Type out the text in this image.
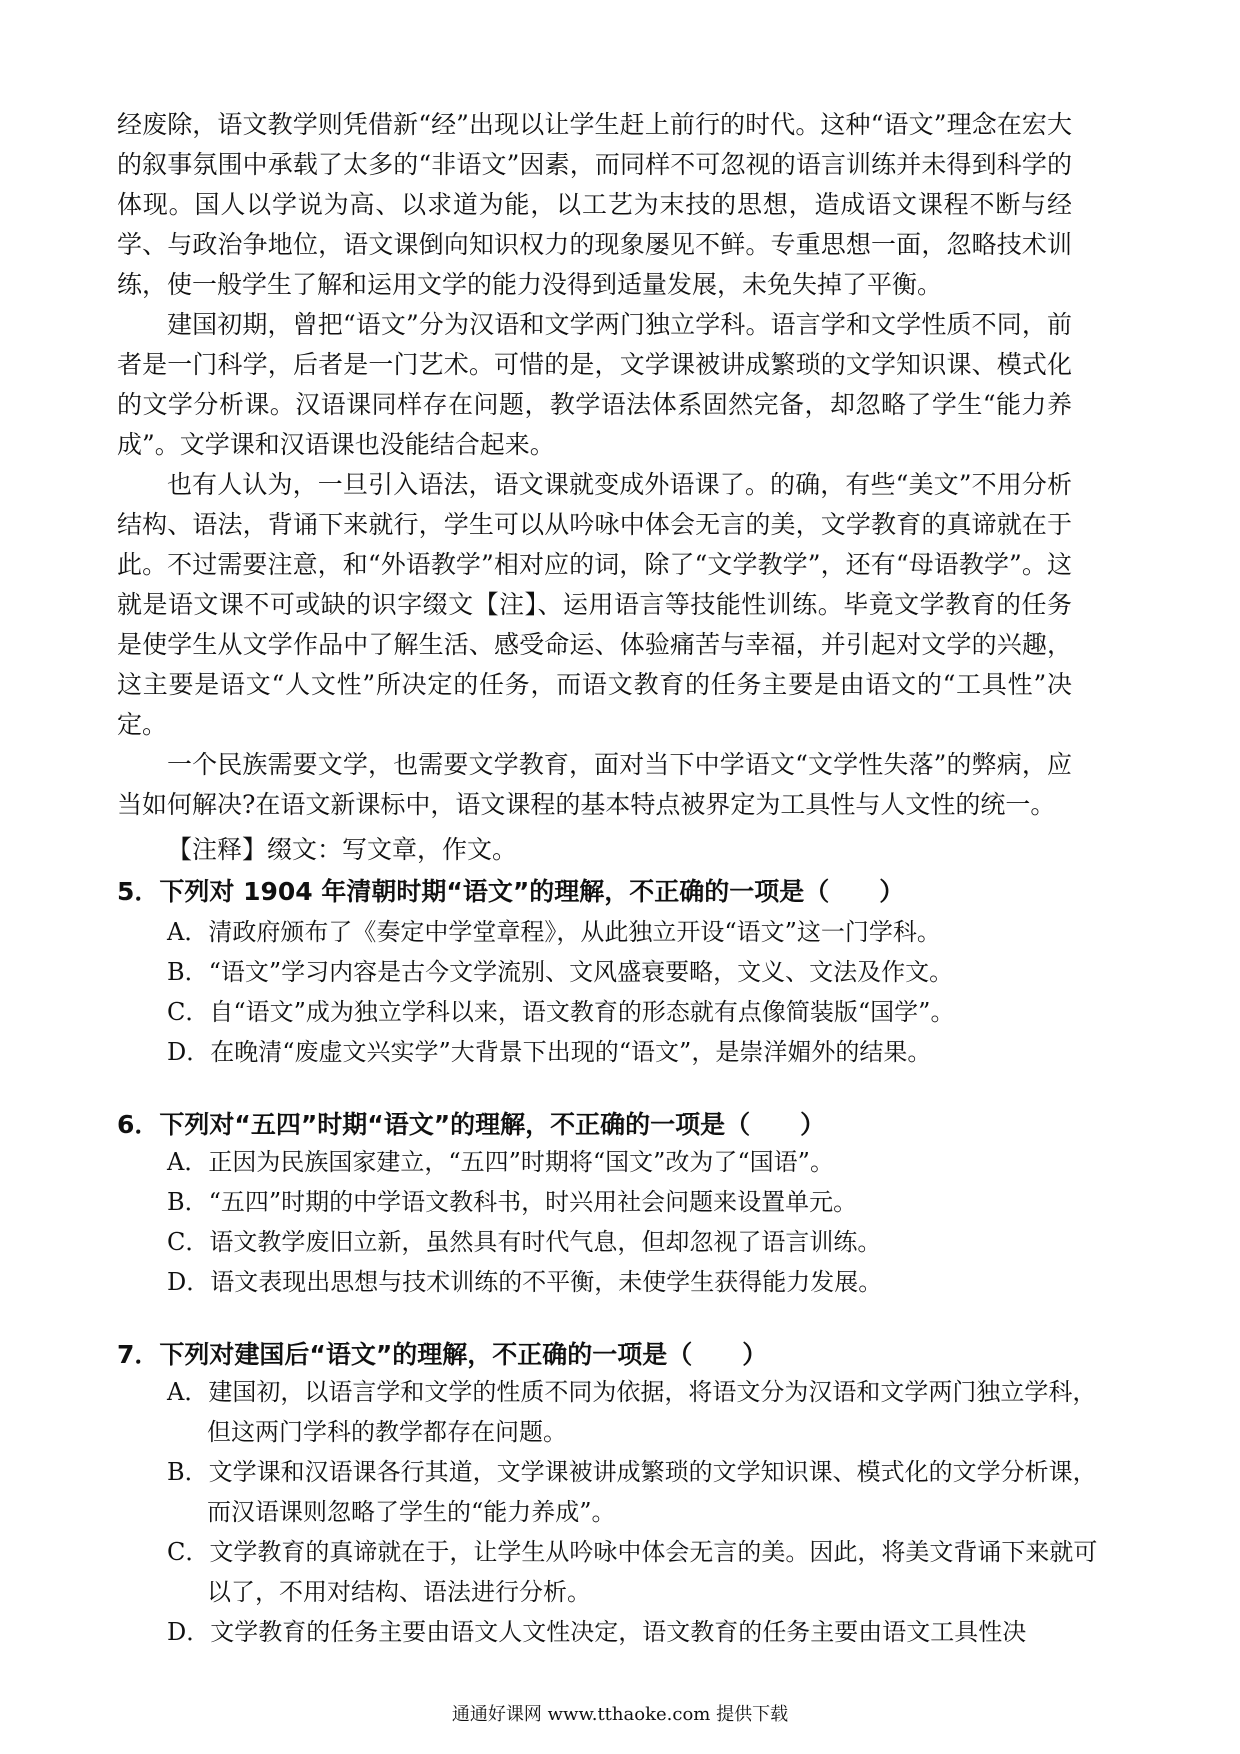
经废除，语文教学则凭借新“经”出现以让学生赶上前行的时代。这种“语文”理念在宏大的叙事氛围中承载了太多的“非语文”因素，而同样不可忽视的语言训练并未得到科学的体现。国人以学说为高、以求道为能，以工艺为末技的思想，造成语文课程不断与经学、与政治争地位，语文课倒向知识权力的现象屡见不鲜。专重思想一面，忽略技术训练，使一般学生了解和运用文学的能力没得到适量发展，未免失掉了平衡。

建国初期，曾把“语文”分为汉语和文学两门独立学科。语言学和文学性质不同，前者是一门科学，后者是一门艺术。可惜的是，文学课被讲成繁琐的文学知识课、模式化的文学分析课。汉语课同样存在问题，教学语法体系固然完备，却忽略了学生“能力养成”。文学课和汉语课也没能结合起来。

也有人认为，一旦引入语法，语文课就变成外语课了。的确，有些“美文”不用分析结构、语法，背诵下来就行，学生可以从吟咏中体会无言的美，文学教育的真谛就在于此。不过需要注意，和“外语教学”相对应的词，除了“文学教学”，还有“母语教学”。这就是语文课不可或缺的识字缀文【注】、运用语言等技能性训练。毕竟文学教育的任务是使学生从文学作品中了解生活、感受命运、体验痛苦与幸福，并引起对文学的兴趣，这主要是语文“人文性”所决定的任务，而语文教育的任务主要是由语文的“工具性”决定。

一个民族需要文学，也需要文学教育，面对当下中学语文“文学性失落”的弊病，应当如何解决?在语文新课标中，语文课程的基本特点被界定为工具性与人文性的统一。

【注释】缀文：写文章，作文。

5．下列对 1904 年清朝时期“语文”的理解，不正确的一项是（　　）

A．清政府颁布了《奏定中学堂章程》，从此独立开设“语文”这一门学科。

B．“语文”学习内容是古今文学流别、文风盛衰要略，文义、文法及作文。

C．自“语文”成为独立学科以来，语文教育的形态就有点像简装版“国学”。

D．在晚清“废虚文兴实学”大背景下出现的“语文”，是崇洋媚外的结果。

6．下列对“五四”时期“语文”的理解，不正确的一项是（　　）

A．正因为民族国家建立，“五四”时期将“国文”改为了“国语”。

B．“五四”时期的中学语文教科书，时兴用社会问题来设置单元。

C．语文教学废旧立新，虽然具有时代气息，但却忽视了语言训练。

D．语文表现出思想与技术训练的不平衡，未使学生获得能力发展。

7．下列对建国后“语文”的理解，不正确的一项是（　　）

A．建国初，以语言学和文学的性质不同为依据，将语文分为汉语和文学两门独立学科，但这两门学科的教学都存在问题。

B．文学课和汉语课各行其道，文学课被讲成繁琐的文学知识课、模式化的文学分析课，而汉语课则忽略了学生的“能力养成”。

C．文学教育的真谛就在于，让学生从吟咏中体会无言的美。因此，将美文背诵下来就可以了，不用对结构、语法进行分析。

D．文学教育的任务主要由语文人文性决定，语文教育的任务主要由语文工具性决

通通好课网 www.tthaoke.com 提供下载
